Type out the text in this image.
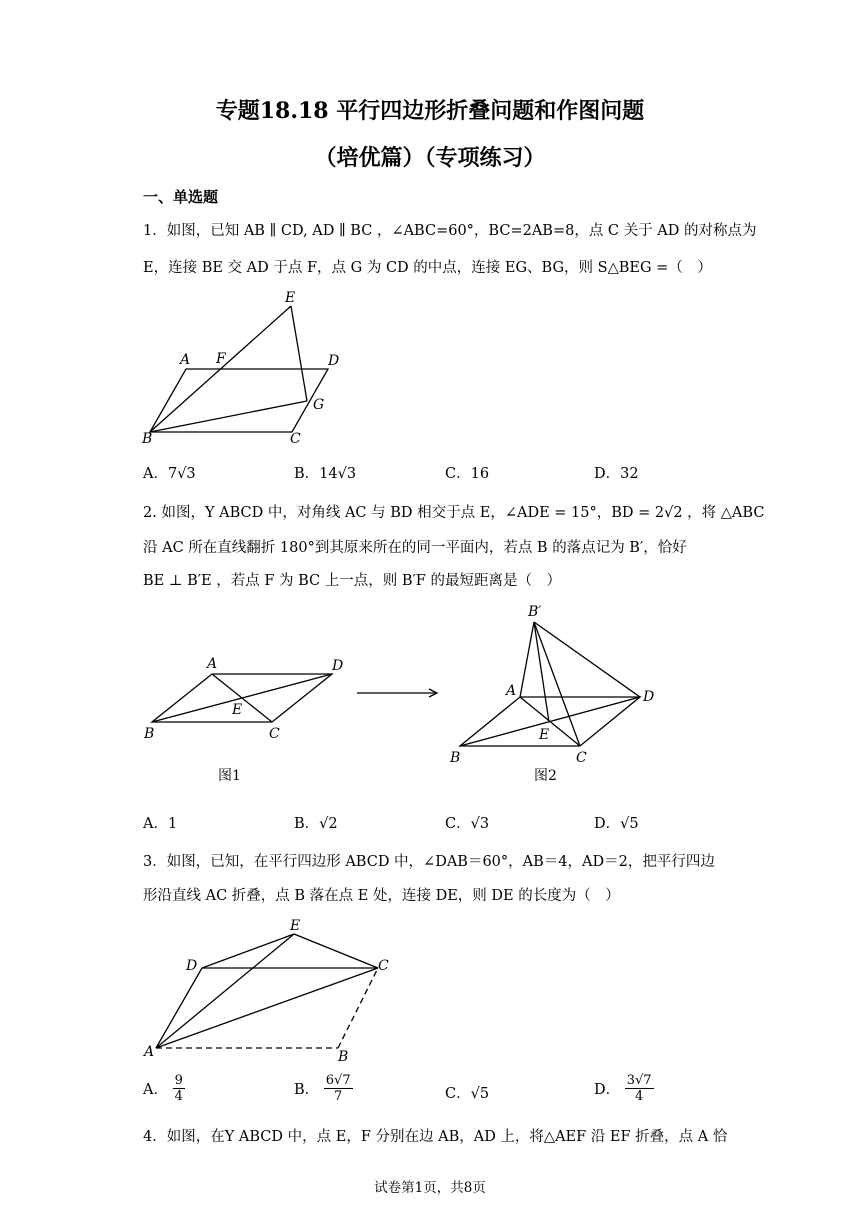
专题18.18 平行四边形折叠问题和作图问题
（培优篇）（专项练习）
一、单选题
1．如图，已知 AB ∥ CD, AD ∥ BC ，∠ABC=60°，BC=2AB=8，点 C 关于 AD 的对称点为
E，连接 BE 交 AD 于点 F，点 G 为 CD 的中点，连接 EG、BG，则 S△BEG =（　）
E
A F	D
G
B	C
A．7√3	B．14√3	C．16	D．32
2. 如图，Y ABCD 中，对角线 AC 与 BD 相交于点 E，∠ADE = 15°，BD = 2√2 ，将 △ABC
沿 AC 所在直线翻折 180°到其原来所在的同一平面内，若点 B 的落点记为 B′，恰好
BE ⊥ B′E ，若点 F 为 BC 上一点，则 B′F 的最短距离是（　）
A	D
E
B	C
图1
B′
A	D
E
B	C
图2
A．1	B．√2	C．√3	D．√5
3．如图，已知，在平行四边形 ABCD 中，∠DAB＝60°，AB＝4，AD＝2，把平行四边
形沿直线 AC 折叠，点 B 落在点 E 处，连接 DE，则 DE 的长度为（　）
E
D	C
A	B
A． $\frac{9}{4}$	B． $\frac{6√7}{7}$	C．√5	D． $\frac{3√7}{4}$
4．如图，在Y ABCD 中，点 E，F 分别在边 AB，AD 上，将△AEF 沿 EF 折叠，点 A 恰
试卷第1页，共8页
